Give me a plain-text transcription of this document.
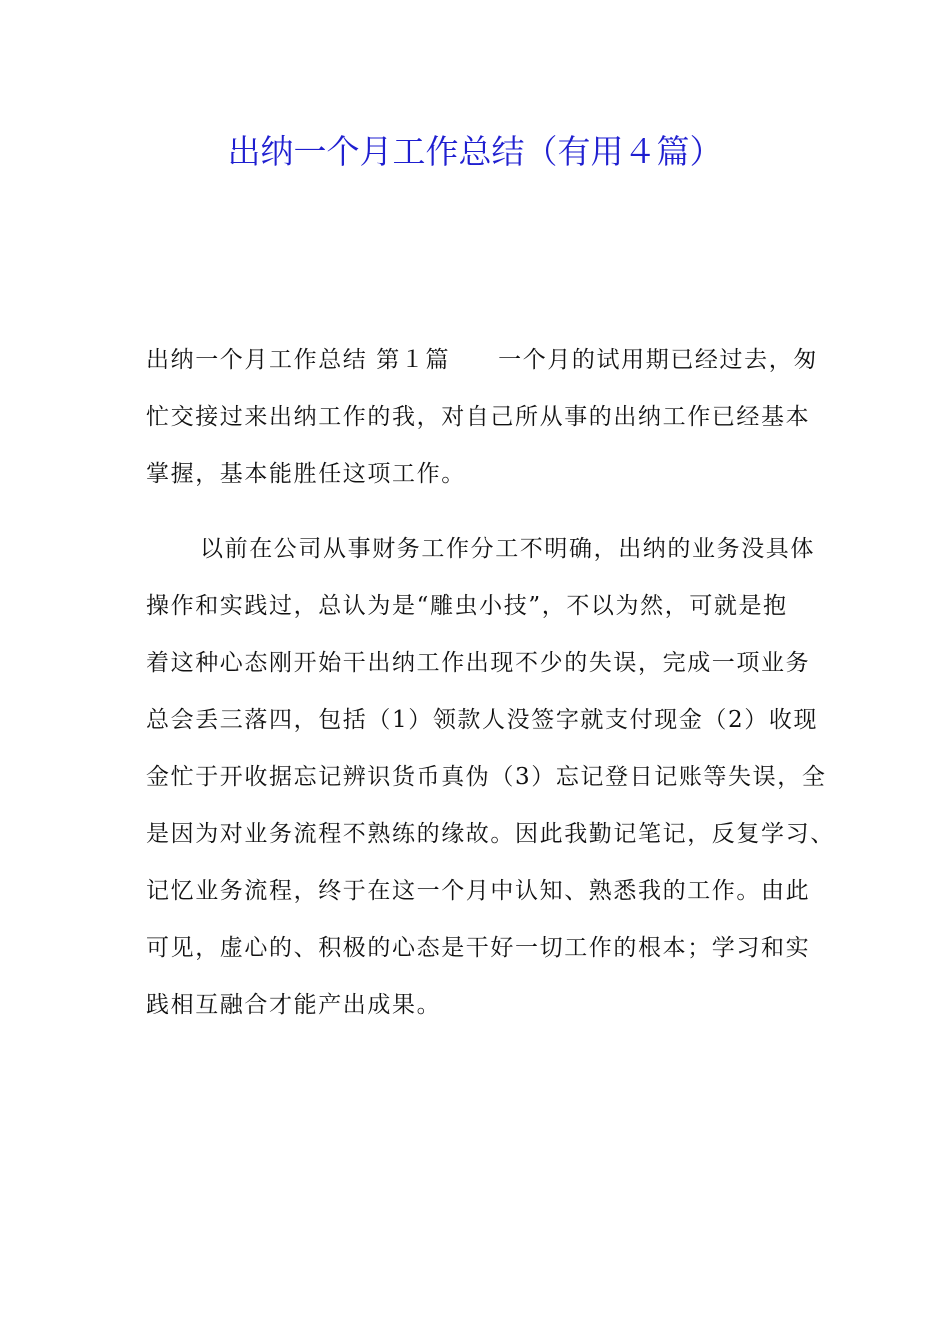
出纳一个月工作总结（有用４篇）
出纳一个月工作总结 第１篇 一个月的试用期已经过去，匆
忙交接过来出纳工作的我，对自己所从事的出纳工作已经基本
掌握，基本能胜任这项工作。
以前在公司从事财务工作分工不明确，出纳的业务没具体
操作和实践过，总认为是“雕虫小技”，不以为然，可就是抱
着这种心态刚开始干出纳工作出现不少的失误，完成一项业务
总会丢三落四，包括（1）领款人没签字就支付现金（2）收现
金忙于开收据忘记辨识货币真伪（3）忘记登日记账等失误，全
是因为对业务流程不熟练的缘故。因此我勤记笔记，反复学习、
记忆业务流程，终于在这一个月中认知、熟悉我的工作。由此
可见，虚心的、积极的心态是干好一切工作的根本；学习和实
践相互融合才能产出成果。
